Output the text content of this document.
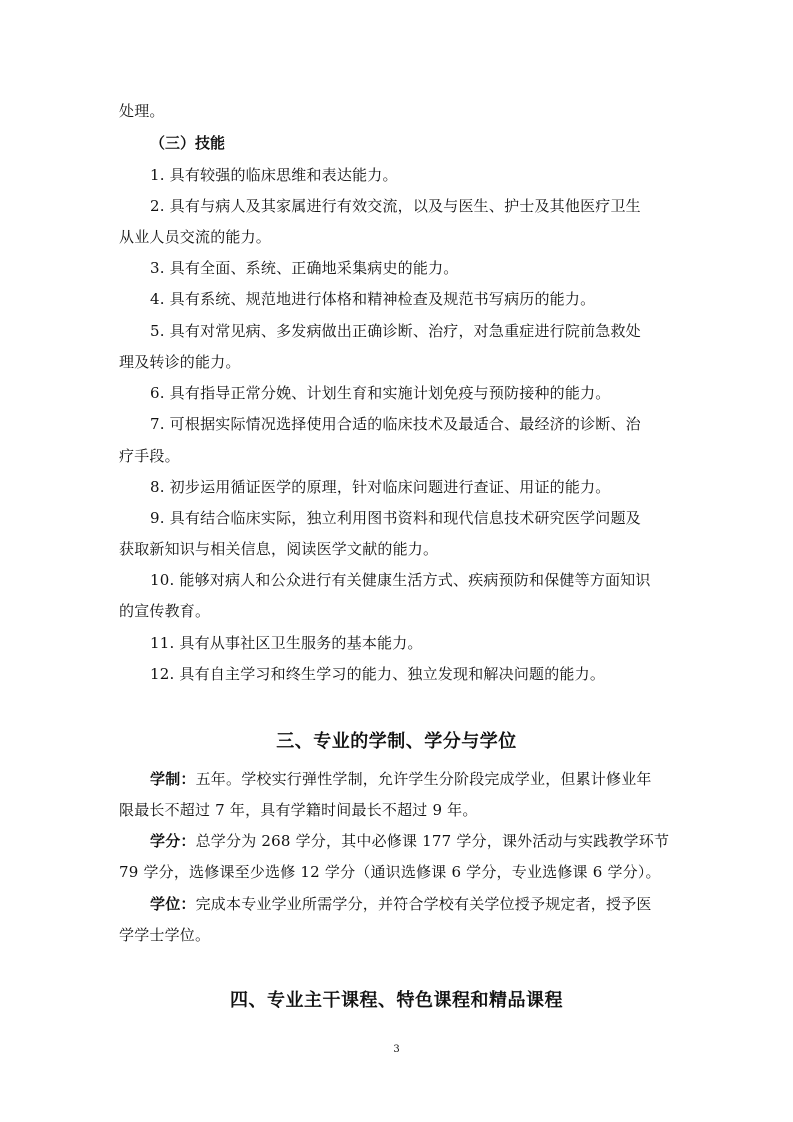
处理。
（三）技能
1. 具有较强的临床思维和表达能力。
2. 具有与病人及其家属进行有效交流，以及与医生、护士及其他医疗卫生
从业人员交流的能力。
3. 具有全面、系统、正确地采集病史的能力。
4. 具有系统、规范地进行体格和精神检查及规范书写病历的能力。
5. 具有对常见病、多发病做出正确诊断、治疗，对急重症进行院前急救处
理及转诊的能力。
6. 具有指导正常分娩、计划生育和实施计划免疫与预防接种的能力。
7. 可根据实际情况选择使用合适的临床技术及最适合、最经济的诊断、治
疗手段。
8. 初步运用循证医学的原理，针对临床问题进行查证、用证的能力。
9. 具有结合临床实际，独立利用图书资料和现代信息技术研究医学问题及
获取新知识与相关信息，阅读医学文献的能力。
10. 能够对病人和公众进行有关健康生活方式、疾病预防和保健等方面知识
的宣传教育。
11. 具有从事社区卫生服务的基本能力。
12. 具有自主学习和终生学习的能力、独立发现和解决问题的能力。
三、专业的学制、学分与学位
学制：五年。学校实行弹性学制，允许学生分阶段完成学业，但累计修业年
限最长不超过 7 年，具有学籍时间最长不超过 9 年。
学分：总学分为 268 学分，其中必修课 177 学分，课外活动与实践教学环节
79 学分，选修课至少选修 12 学分（通识选修课 6 学分，专业选修课 6 学分）。
学位：完成本专业学业所需学分，并符合学校有关学位授予规定者，授予医
学学士学位。
四、专业主干课程、特色课程和精品课程
3
